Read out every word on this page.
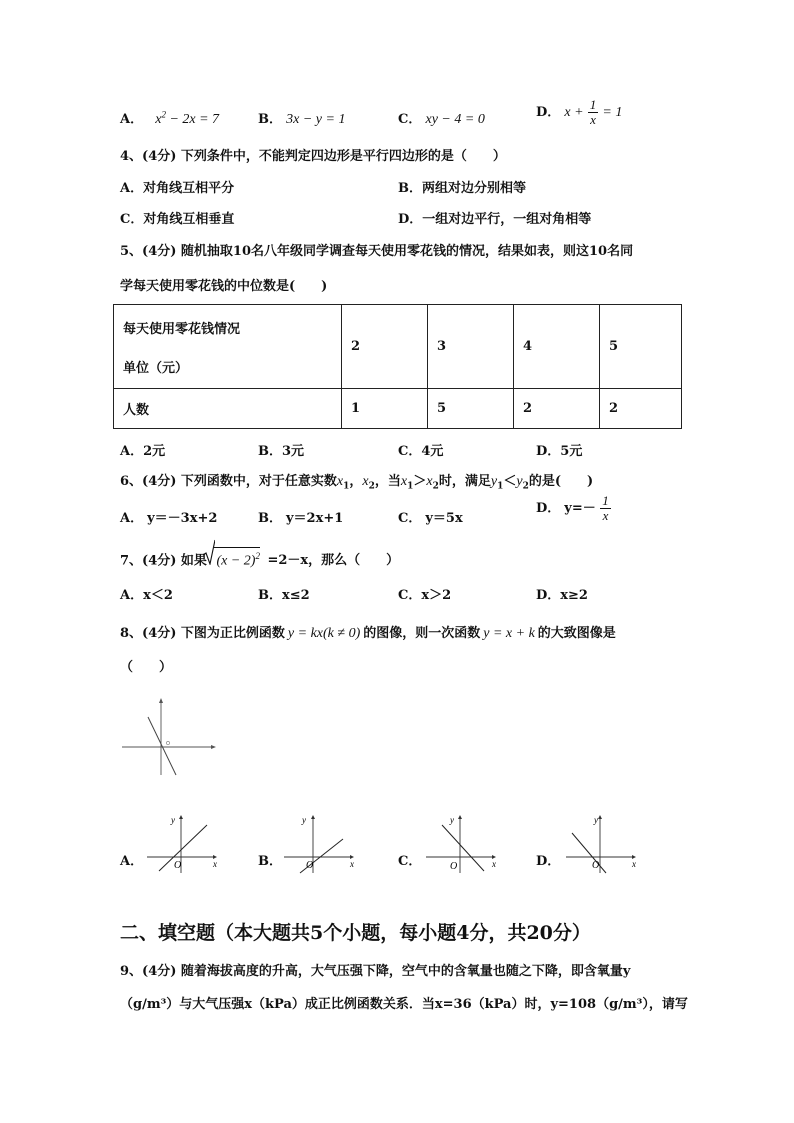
A． $x^2 - 2x = 7$	B． 3x − y = 1	C． xy − 4 = 0	D． $x + \frac{1}{x} = 1$
4、(4分) 下列条件中，不能判定四边形是平行四边形的是（　　）
A．对角线互相平分	B．两组对边分别相等
C．对角线互相垂直	D．一组对边平行，一组对角相等
5、(4分) 随机抽取10名八年级同学调查每天使用零花钱的情况，结果如表，则这10名同
学每天使用零花钱的中位数是(　　)
每天使用零花钱情况
单位（元）	2	3	4	5
人数	1	5	2	2
A．2元	B．3元	C．4元	D．5元
6、(4分) 下列函数中，对于任意实数$x_1$，$x_2$，当$x_1>x_2$时，满足$y_1<y_2$的是(　　)
A． y＝－3x+2	B． y＝2x+1	C． y＝5x
D． $y=- \frac{1}{x}$
7、(4分) 如果 $(x - 2)^2 =2-x$，那么（　　）
A．x＜2	B．x≤2	C．x＞2	D．x≥2
8、(4分) 下图为正比例函数 y = kx(k ≠ 0) 的图像，则一次函数 y = x + k 的大致图像是
（　　）
A．
y
x
O	B．
y
x
O	C．
y
x
O	D．
y
x
O
二、填空题（本大题共5个小题，每小题4分，共20分）
9、(4分) 随着海拔高度的升高，大气压强下降，空气中的含氧量也随之下降，即含氧量y
（g/m³）与大气压强x（kPa）成正比例函数关系．当x=36（kPa）时，y=108（g/m³），请写
